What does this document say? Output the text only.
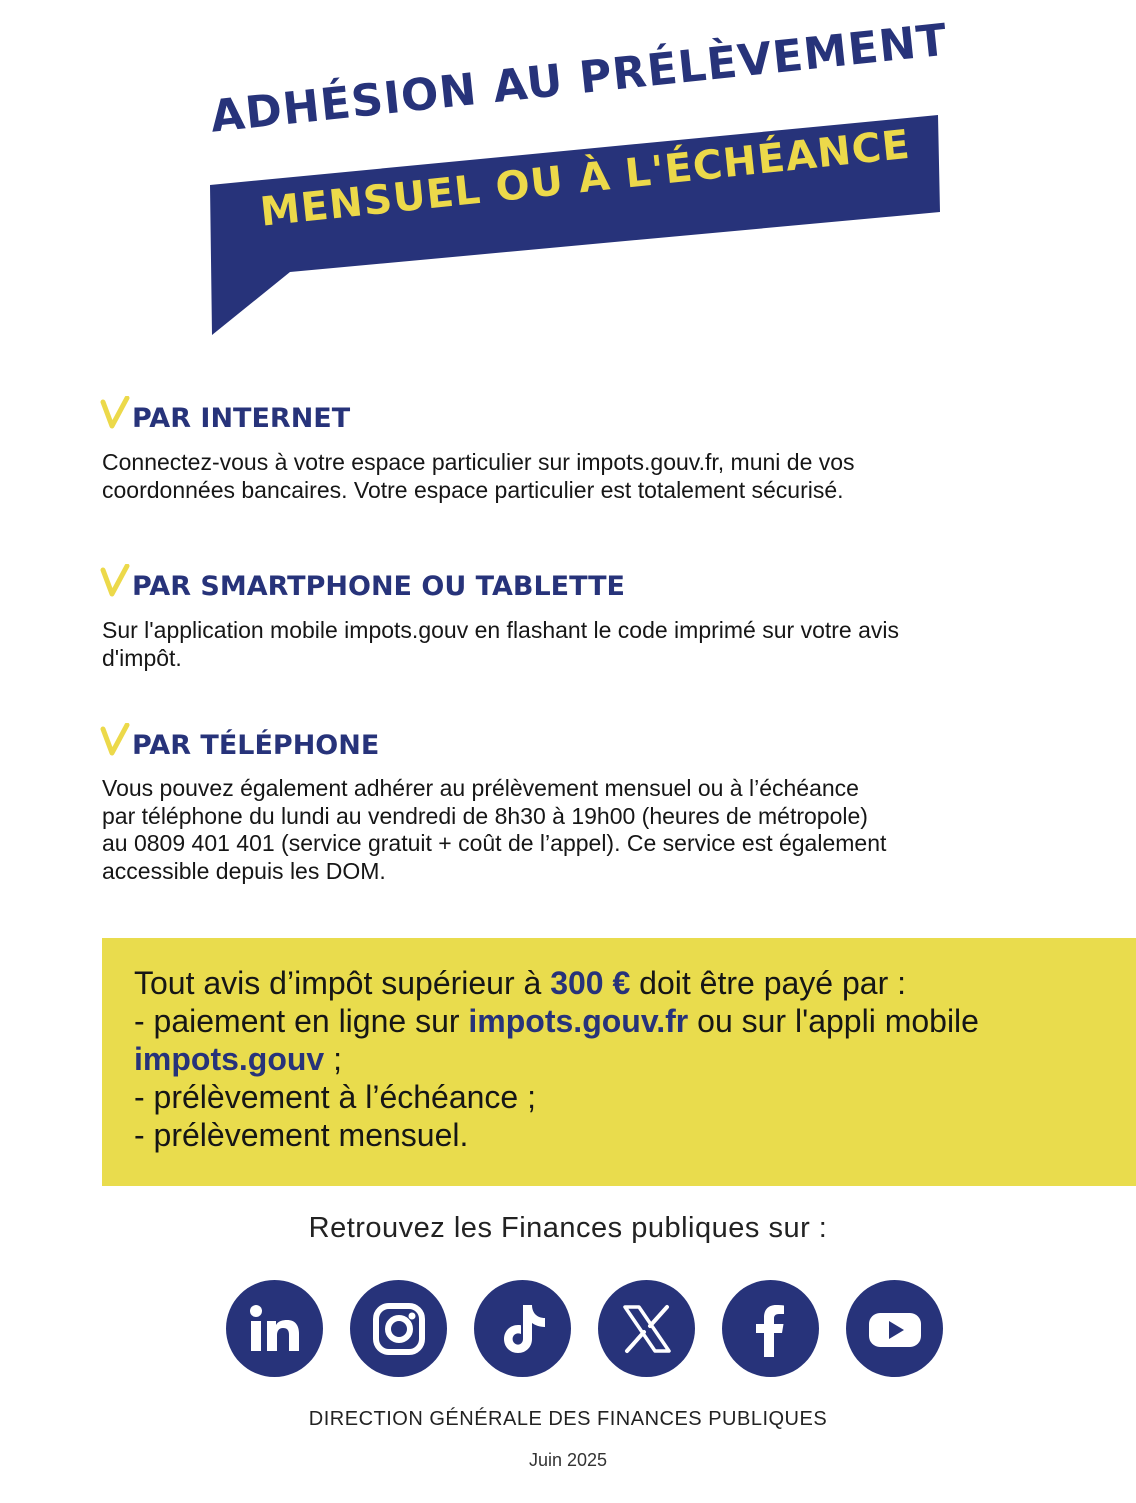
ADHÉSION AU PRÉLÈVEMENT
MENSUEL OU À L'ÉCHÉANCE
PAR INTERNET
Connectez-vous à votre espace particulier sur impots.gouv.fr, muni de vos
coordonnées bancaires. Votre espace particulier est totalement sécurisé.
PAR SMARTPHONE OU TABLETTE
Sur l'application mobile impots.gouv en flashant le code imprimé sur votre avis
d'impôt.
PAR TÉLÉPHONE
Vous pouvez également adhérer au prélèvement mensuel ou à l’échéance
par téléphone du lundi au vendredi de 8h30 à 19h00 (heures de métropole)
au 0809 401 401 (service gratuit + coût de l’appel). Ce service est également
accessible depuis les DOM.
Tout avis d’impôt supérieur à 300 € doit être payé par :
- paiement en ligne sur impots.gouv.fr ou sur l'appli mobile
impots.gouv ;
- prélèvement à l’échéance ;
- prélèvement mensuel.
Retrouvez les Finances publiques sur :
DIRECTION GÉNÉRALE DES FINANCES PUBLIQUES
Juin 2025
